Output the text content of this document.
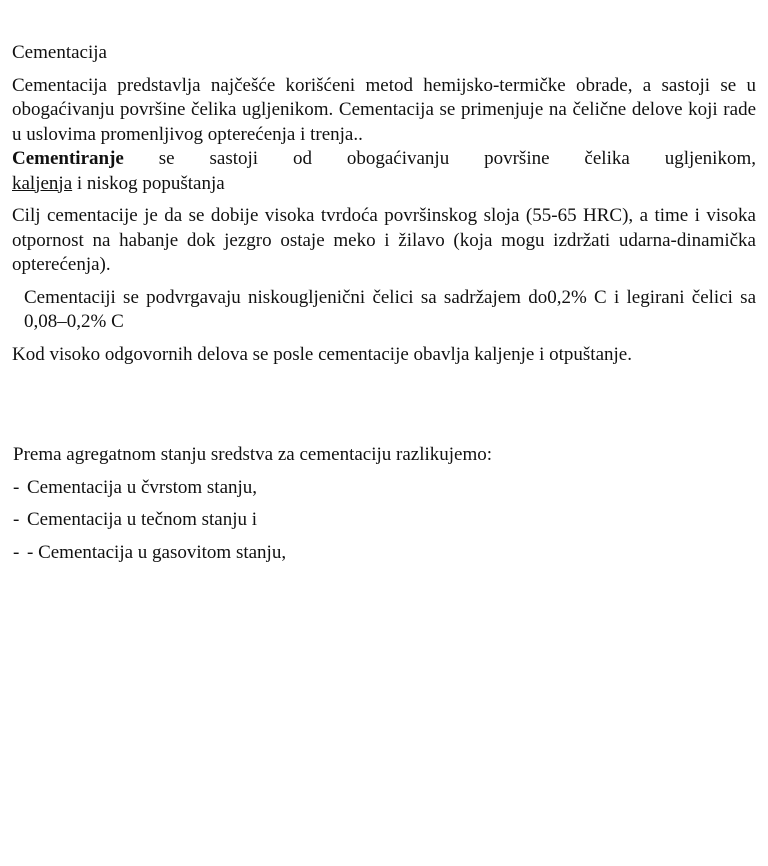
Cementacija

Cementacija predstavlja najčešće korišćeni metod hemijsko-termičke obrade, a sastoji se u obogaćivanju površine čelika ugljenikom. Cementacija se primenjuje na čelične delove koji rade u uslovima promenljivog opterećenja i trenja..
Cementiranje se sastoji od obogaćivanju površine čelika ugljenikom,
kaljenja i niskog popuštanja

Cilj cementacije je da se dobije visoka tvrdoća površinskog sloja (55-65 HRC), a time i visoka otpornost na habanje dok jezgro ostaje meko i žilavo (koja mogu izdržati udarna-dinamička opterećenja).

Cementaciji se podvrgavaju niskougljenični čelici sa sadržajem do0,2% C i legirani čelici sa 0,08–0,2% C

Kod visoko odgovornih delova se posle cementacije obavlja kaljenje i otpuštanje.

Prema agregatnom stanju sredstva za cementaciju razlikujemo:

- Cementacija u čvrstom stanju,
- Cementacija u tečnom stanju i
- - Cementacija u gasovitom stanju,
